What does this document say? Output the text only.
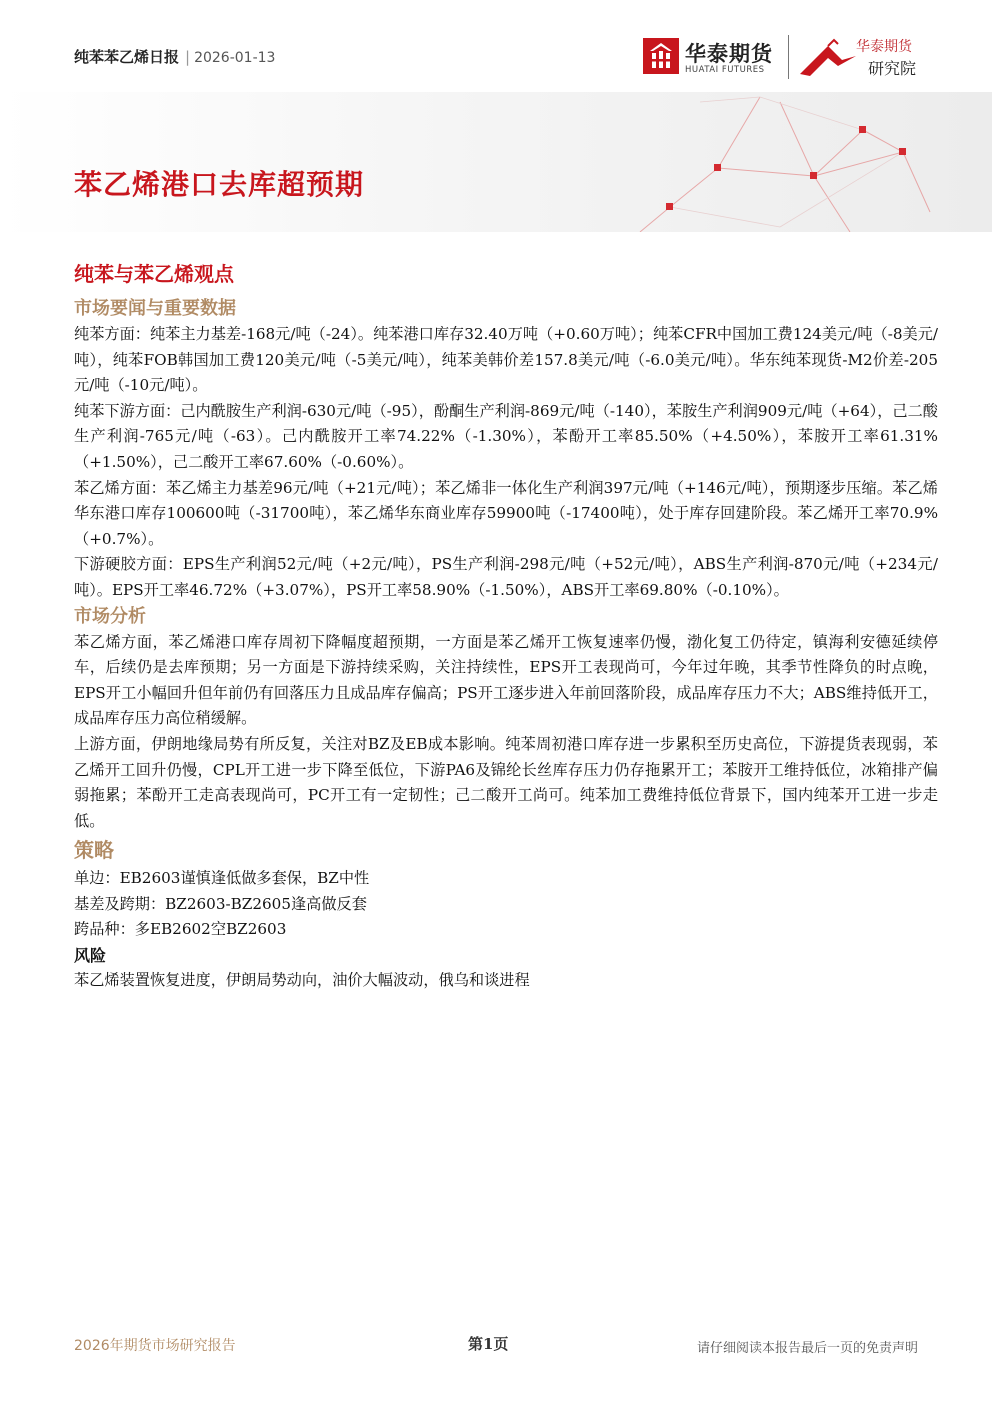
纯苯苯乙烯日报 | 2026-01-13	华泰期货
HUATAI FUTURES
华泰期货
研究院
苯乙烯港口去库超预期
纯苯与苯乙烯观点

市场要闻与重要数据

纯苯方面：纯苯主力基差-168元/吨（-24）。纯苯港口库存32.40万吨（+0.60万吨）；纯苯CFR中国加工费124美元/吨（-8美元/吨），纯苯FOB韩国加工费120美元/吨（-5美元/吨），纯苯美韩价差157.8美元/吨（-6.0美元/吨）。华东纯苯现货-M2价差-205元/吨（-10元/吨）。

纯苯下游方面：己内酰胺生产利润-630元/吨（-95），酚酮生产利润-869元/吨（-140），苯胺生产利润909元/吨（+64），己二酸生产利润-765元/吨（-63）。己内酰胺开工率74.22%（-1.30%），苯酚开工率85.50%（+4.50%），苯胺开工率61.31%（+1.50%），己二酸开工率67.60%（-0.60%）。

苯乙烯方面：苯乙烯主力基差96元/吨（+21元/吨）；苯乙烯非一体化生产利润397元/吨（+146元/吨），预期逐步压缩。苯乙烯华东港口库存100600吨（-31700吨），苯乙烯华东商业库存59900吨（-17400吨），处于库存回建阶段。苯乙烯开工率70.9%（+0.7%）。

下游硬胶方面：EPS生产利润52元/吨（+2元/吨），PS生产利润-298元/吨（+52元/吨），ABS生产利润-870元/吨（+234元/吨）。EPS开工率46.72%（+3.07%），PS开工率58.90%（-1.50%），ABS开工率69.80%（-0.10%）。

市场分析

苯乙烯方面，苯乙烯港口库存周初下降幅度超预期，一方面是苯乙烯开工恢复速率仍慢，渤化复工仍待定，镇海利安德延续停车，后续仍是去库预期；另一方面是下游持续采购，关注持续性，EPS开工表现尚可，今年过年晚，其季节性降负的时点晚，EPS开工小幅回升但年前仍有回落压力且成品库存偏高；PS开工逐步进入年前回落阶段，成品库存压力不大；ABS维持低开工，成品库存压力高位稍缓解。

上游方面，伊朗地缘局势有所反复，关注对BZ及EB成本影响。纯苯周初港口库存进一步累积至历史高位，下游提货表现弱，苯乙烯开工回升仍慢，CPL开工进一步下降至低位，下游PA6及锦纶长丝库存压力仍存拖累开工；苯胺开工维持低位，冰箱排产偏弱拖累；苯酚开工走高表现尚可，PC开工有一定韧性；己二酸开工尚可。纯苯加工费维持低位背景下，国内纯苯开工进一步走低。

策略

单边：EB2603谨慎逢低做多套保，BZ中性

基差及跨期：BZ2603-BZ2605逢高做反套

跨品种：多EB2602空BZ2603

风险

苯乙烯装置恢复进度，伊朗局势动向，油价大幅波动，俄乌和谈进程

2026年期货市场研究报告	第1页	请仔细阅读本报告最后一页的免责声明
